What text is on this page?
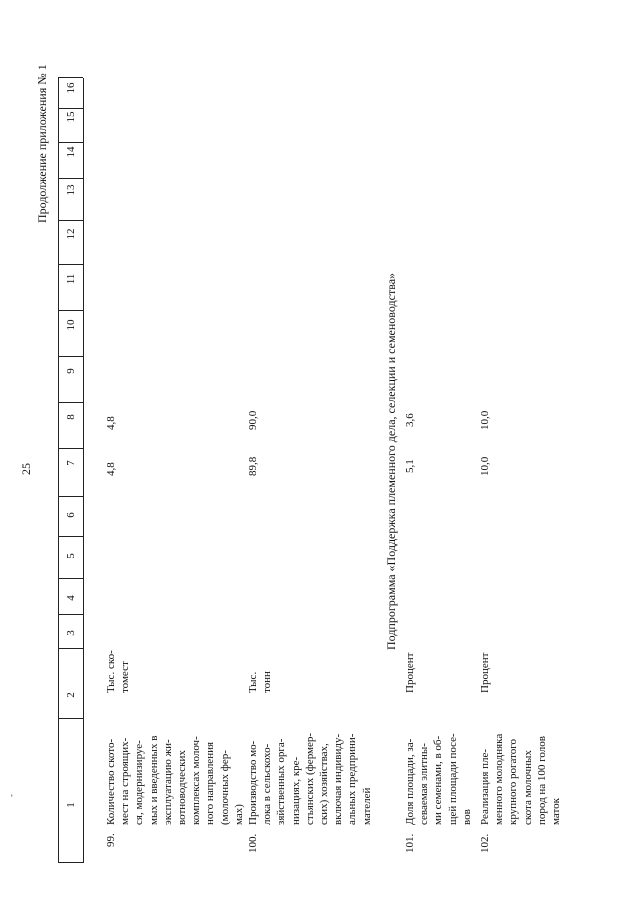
25
Продолжение приложения № 1
1
2
3
4
5
6
7
8
9
10
11
12
13
14
15
16
99.
Количество ското-
мест на строящих-
ся, модернизируе-
мых и введенных в
эксплуатацию жи-
вотноводческих
комплексах молоч-
ного направления
(молочных фер-
мах)
Тыс. ско-
томест
4,8
4,8
100.
Производство мо-
лока в сельскохо-
зяйственных орга-
низациях, кре-
стьянских (фермер-
ских) хозяйствах,
включая индивиду-
альных предприни-
мателей
Тыс.
тонн
89,8
90,0	Подпрограмма «Поддержка племенного дела, селекции и семеноводства»
101.
Доля площади, за-
севаемая элитны-
ми семенами, в об-
щей площади посе-
вов
Процент
5,1
3,6
102.
Реализация пле-
менного молодняка
крупного рогатого
скота молочных
пород на 100 голов
маток
Процент
10,0
10,0
-
